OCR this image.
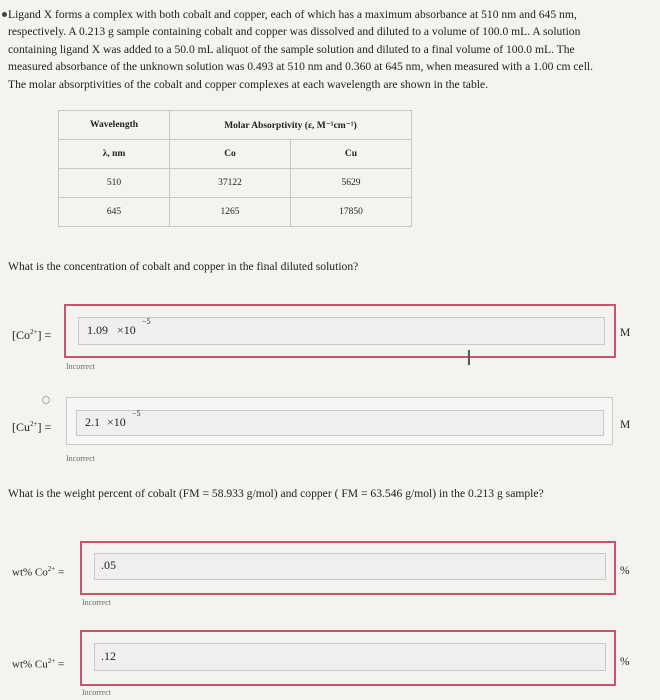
Ligand X forms a complex with both cobalt and copper, each of which has a maximum absorbance at 510 nm and 645 nm,
respectively. A 0.213 g sample containing cobalt and copper was dissolved and diluted to a volume of 100.0 mL. A solution
containing ligand X was added to a 50.0 mL aliquot of the sample solution and diluted to a final volume of 100.0 mL. The
measured absorbance of the unknown solution was 0.493 at 510 nm and 0.360 at 645 nm, when measured with a 1.00 cm cell.
The molar absorptivities of the cobalt and copper complexes at each wavelength are shown in the table.
Wavelength	Molar Absorptivity (ε, M⁻¹cm⁻¹)	
λ, nm	Co	Cu
510	37122	5629
645	1265	17850
What is the concentration of cobalt and copper in the final diluted solution?
$[Co^{2+}]$ =	1.09 ×10
−5
M
Incorrect	I
$[Cu^{2+}]$ =	2.1 ×10
−5
M
Incorrect
What is the weight percent of cobalt (FM = 58.933 g/mol) and copper ( FM = 63.546 g/mol) in the 0.213 g sample?
wt% $Co^{2+}$ =
.05	%
Incorrect
wt% $Cu^{2+}$ =
.12	%
Incorrect
